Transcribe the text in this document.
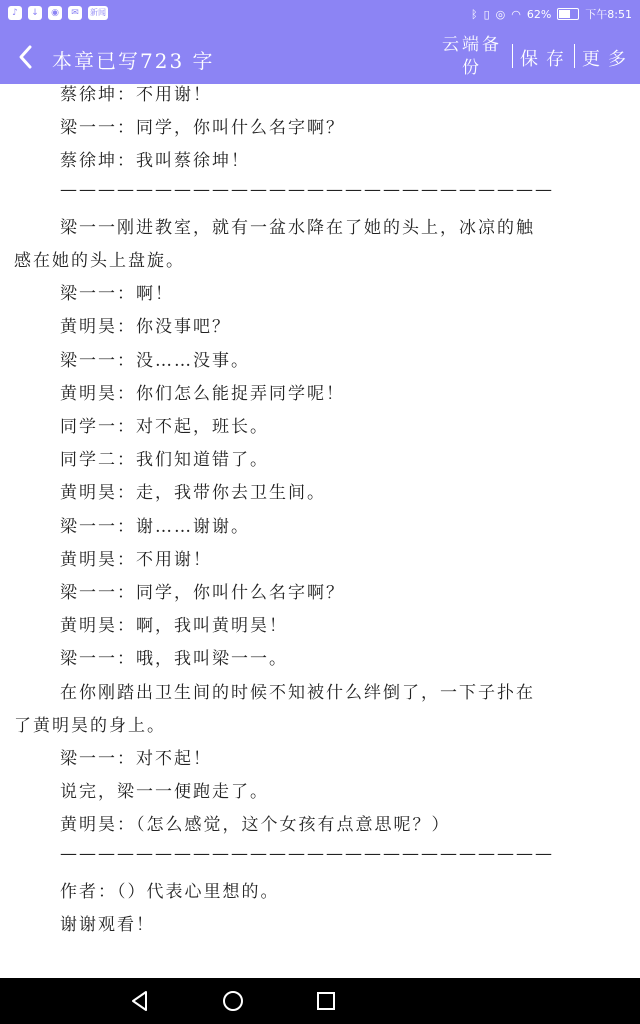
♪	↓	◉	✉	新闻	ᛒ ▯ ◎ ◠ 62%	下午8:51
本章已写723 字
云端备
份	保存 更多
蔡徐坤：不用谢！
梁一一：同学，你叫什么名字啊？
蔡徐坤：我叫蔡徐坤！
——————————————————————————
梁一一刚进教室，就有一盆水降在了她的头上，冰凉的触
感在她的头上盘旋。
梁一一：啊！
黄明昊：你没事吧？
梁一一：没……没事。
黄明昊：你们怎么能捉弄同学呢！
同学一：对不起，班长。
同学二：我们知道错了。
黄明昊：走，我带你去卫生间。
梁一一：谢……谢谢。
黄明昊：不用谢！
梁一一：同学，你叫什么名字啊？
黄明昊：啊，我叫黄明昊！
梁一一：哦，我叫梁一一。
在你刚踏出卫生间的时候不知被什么绊倒了，一下子扑在
了黄明昊的身上。
梁一一：对不起！
说完，梁一一便跑走了。
黄明昊：（怎么感觉，这个女孩有点意思呢？）
——————————————————————————
作者：（）代表心里想的。
谢谢观看！
